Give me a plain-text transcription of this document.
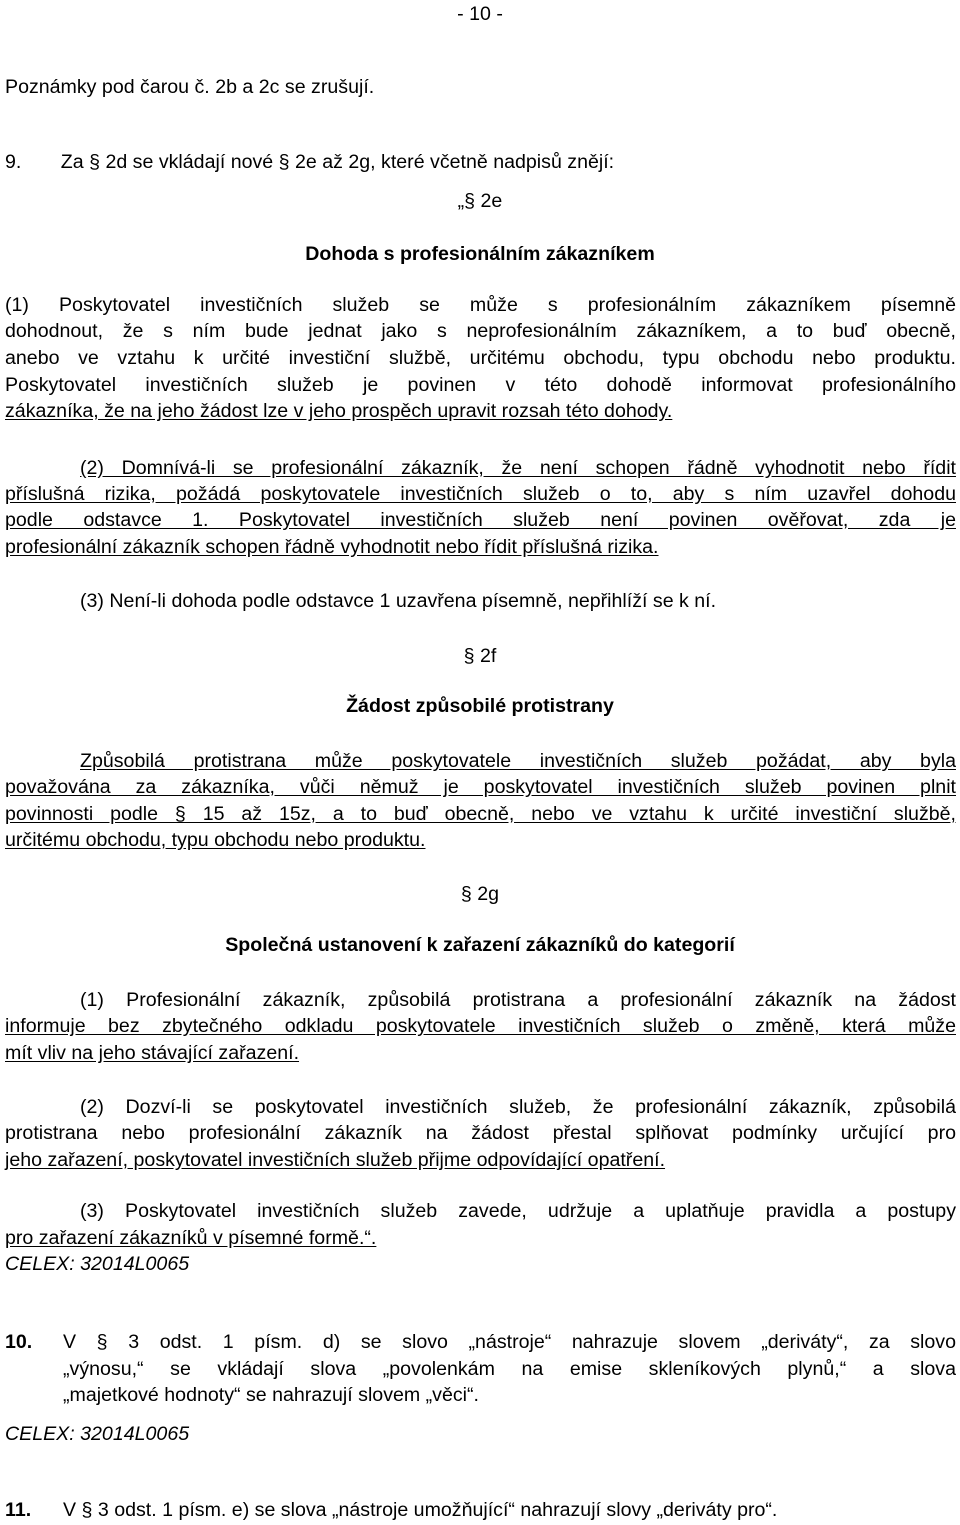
- 10 -
Poznámky pod čarou č. 2b a 2c se zrušují.
9. Za § 2d se vkládají nové § 2e až 2g, které včetně nadpisů znějí:
„§ 2e
Dohoda s profesionálním zákazníkem
(1) Poskytovatel investičních služeb se může s profesionálním zákazníkem písemně
dohodnout, že s ním bude jednat jako s neprofesionálním zákazníkem, a to buď obecně,
anebo ve vztahu k určité investiční službě, určitému obchodu, typu obchodu nebo produktu.
Poskytovatel investičních služeb je povinen v této dohodě informovat profesionálního
zákazníka, že na jeho žádost lze v jeho prospěch upravit rozsah této dohody.
(2) Domnívá-li se profesionální zákazník, že není schopen řádně vyhodnotit nebo řídit
příslušná rizika, požádá poskytovatele investičních služeb o to, aby s ním uzavřel dohodu
podle odstavce 1. Poskytovatel investičních služeb není povinen ověřovat, zda je
profesionální zákazník schopen řádně vyhodnotit nebo řídit příslušná rizika.
(3) Není-li dohoda podle odstavce 1 uzavřena písemně, nepřihlíží se k ní.
§ 2f
Žádost způsobilé protistrany
Způsobilá protistrana může poskytovatele investičních služeb požádat, aby byla
považována za zákazníka, vůči němuž je poskytovatel investičních služeb povinen plnit
povinnosti podle § 15 až 15z, a to buď obecně, nebo ve vztahu k určité investiční službě,
určitému obchodu, typu obchodu nebo produktu.
§ 2g
Společná ustanovení k zařazení zákazníků do kategorií
(1) Profesionální zákazník, způsobilá protistrana a profesionální zákazník na žádost
informuje bez zbytečného odkladu poskytovatele investičních služeb o změně, která může
mít vliv na jeho stávající zařazení.
(2) Dozví-li se poskytovatel investičních služeb, že profesionální zákazník, způsobilá
protistrana nebo profesionální zákazník na žádost přestal splňovat podmínky určující pro
jeho zařazení, poskytovatel investičních služeb přijme odpovídající opatření.
(3) Poskytovatel investičních služeb zavede, udržuje a uplatňuje pravidla a postupy
pro zařazení zákazníků v písemné formě.“.
CELEX: 32014L0065
10. V § 3 odst. 1 písm. d) se slovo „nástroje“ nahrazuje slovem „deriváty“, za slovo
„výnosu,“ se vkládají slova „povolenkám na emise skleníkových plynů,“ a slova
„majetkové hodnoty“ se nahrazují slovem „věci“.
CELEX: 32014L0065
11. V § 3 odst. 1 písm. e) se slova „nástroje umožňující“ nahrazují slovy „deriváty pro“.
